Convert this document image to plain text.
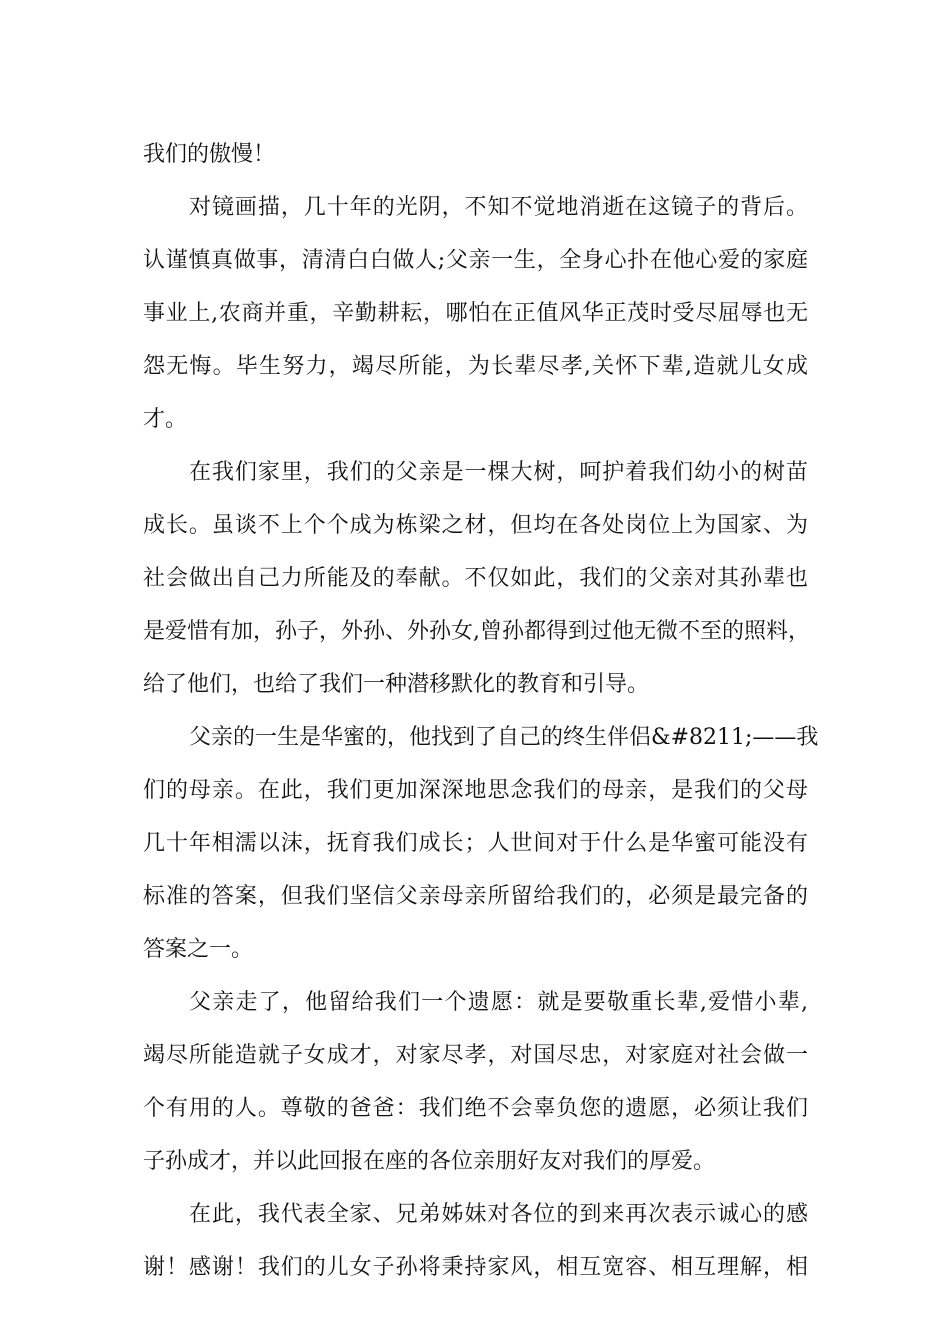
我们的傲慢！
对镜画描，几十年的光阴，不知不觉地消逝在这镜子的背后。
认谨慎真做事，清清白白做人;父亲一生，全身心扑在他心爱的家庭
事业上,农商并重，辛勤耕耘，哪怕在正值风华正茂时受尽屈辱也无
怨无悔。毕生努力，竭尽所能，为长辈尽孝,关怀下辈,造就儿女成
才。
在我们家里，我们的父亲是一棵大树，呵护着我们幼小的树苗
成长。虽谈不上个个成为栋梁之材，但均在各处岗位上为国家、为
社会做出自己力所能及的奉献。不仅如此，我们的父亲对其孙辈也
是爱惜有加，孙子，外孙、外孙女,曾孙都得到过他无微不至的照料，
给了他们，也给了我们一种潜移默化的教育和引导。
父亲的一生是华蜜的，他找到了自己的终生伴侣&#8211;——我
们的母亲。在此，我们更加深深地思念我们的母亲，是我们的父母
几十年相濡以沫，抚育我们成长；人世间对于什么是华蜜可能没有
标准的答案，但我们坚信父亲母亲所留给我们的，必须是最完备的
答案之一。
父亲走了，他留给我们一个遗愿：就是要敬重长辈,爱惜小辈,
竭尽所能造就子女成才，对家尽孝，对国尽忠，对家庭对社会做一
个有用的人。尊敬的爸爸：我们绝不会辜负您的遗愿，必须让我们
子孙成才，并以此回报在座的各位亲朋好友对我们的厚爱。
在此，我代表全家、兄弟姊妹对各位的到来再次表示诚心的感
谢！感谢！我们的儿女子孙将秉持家风，相互宽容、相互理解，相
